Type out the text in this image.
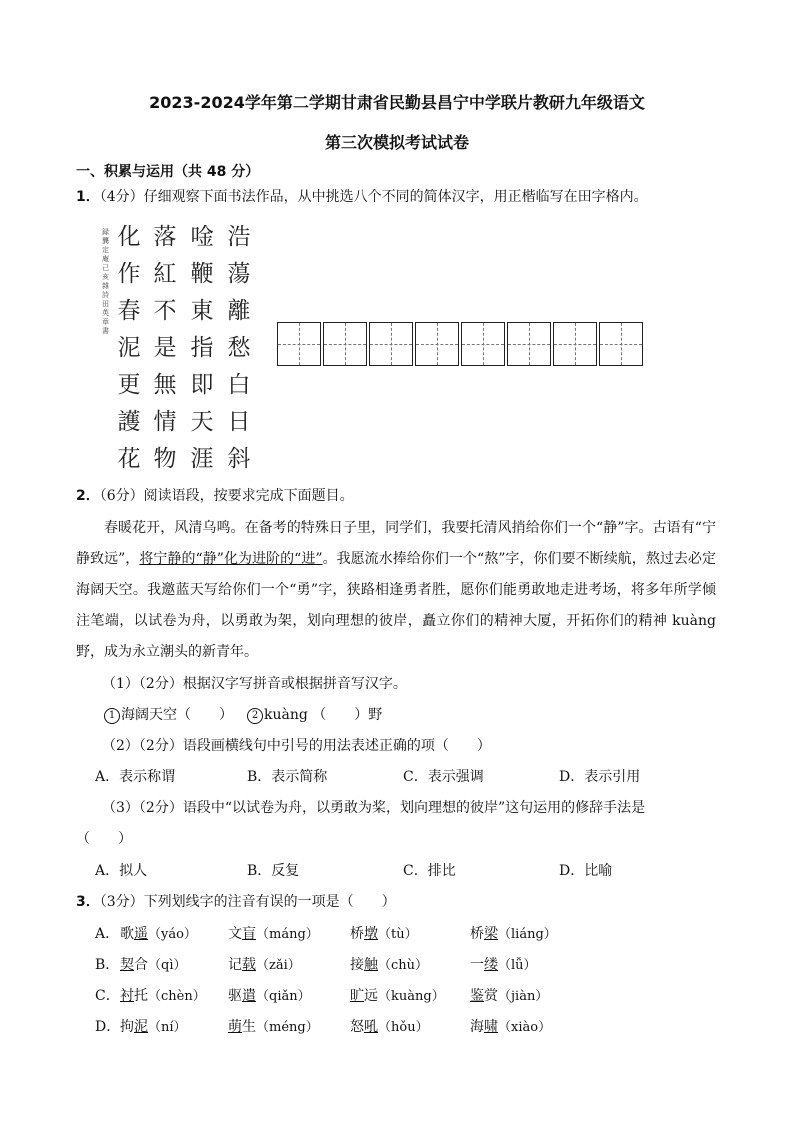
2023-2024学年第二学期甘肃省民勤县昌宁中学联片教研九年级语文
第三次模拟考试试卷
一、积累与运用（共 48 分）
1．（4分）仔细观察下面书法作品，从中挑选八个不同的简体汉字，用正楷临写在田字格内。
録龔定庵己亥雜詩 田英章書
浩
蕩
離
愁
白
日
斜
唫
鞭
東
指
即
天
涯
落
紅
不
是
無
情
物
化
作
春
泥
更
護
花
2．（6分）阅读语段，按要求完成下面题目。
春暖花开，风清乌鸣。在备考的特殊日子里，同学们，我要托清风捎给你们一个“静”字。古语有“宁静致远”，将宁静的“静”化为进阶的“进”。我愿流水捧给你们一个“熬”字，你们要不断续航，熬过去必定海阔天空。我邀蓝天写给你们一个“勇”字，狭路相逢勇者胜，愿你们能勇敢地走进考场，将多年所学倾注笔端，以试卷为舟，以勇敢为架，划向理想的彼岸，矗立你们的精神大厦，开拓你们的精神 kuàng 野，成为永立潮头的新青年。
（1）（2分）根据汉字写拼音或根据拼音写汉字。
1 海阔天空（　　） 2 kuàng （　　）野
（2）（2分）语段画横线句中引号的用法表述正确的项（　　）
A．表示称谓	B．表示简称	C．表示强调	D．表示引用
（3）（2分）语段中“以试卷为舟，以勇敢为桨，划向理想的彼岸”这句运用的修辞手法是
（　　）
A．拟人	B．反复	C．排比	D．比喻
3．（3分）下列划线字的注音有误的一项是（　　）
A． 歌遥（yáo） 文盲（máng） 桥墩（tù）	桥梁（liáng）
B． 契合（qì）	记载（zǎi）	接触（chù）	一缕（lǚ）
C． 衬托（chèn） 驱遣（qiǎn）	旷远（kuàng） 鉴赏（jiàn）
D． 拘泥（ní）	萌生（méng） 怒吼（hǒu）	海啸（xiào）
